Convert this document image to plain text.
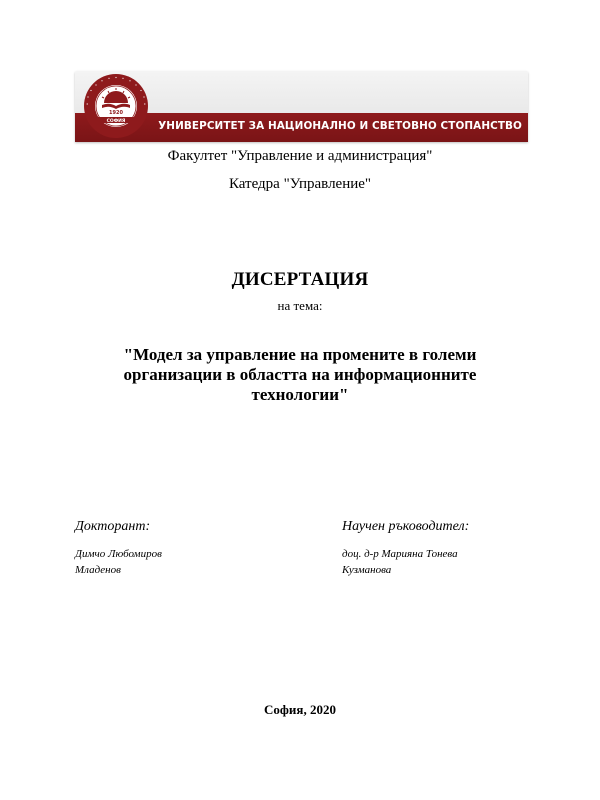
1920
СОФИЯ	УНИВЕРСИТЕТ ЗА НАЦИОНАЛНО И СВЕТОВНО СТОПАНСТВО
Факултет "Управление и администрация"
Катедра "Управление"
ДИСЕРТАЦИЯ
на тема:
"Модел за управление на промените в големи организации в областта на информационните технологии"
Докторант:
Димчо Любомиров
Младенов
Научен ръководител:
доц. д-р Марияна Тонева
Кузманова
София, 2020
